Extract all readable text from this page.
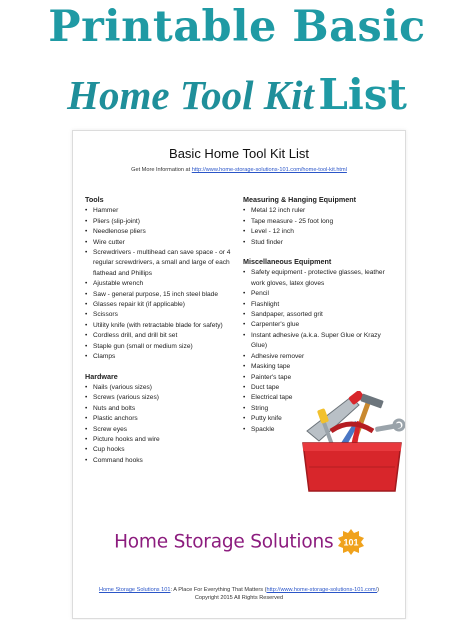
Printable Basic
Home Tool Kit List
Basic Home Tool Kit List
Get More Information at http://www.home-storage-solutions-101.com/home-tool-kit.html
Tools
• Hammer
• Pliers (slip-joint)
• Needlenose pliers
• Wire cutter
• Screwdrivers - multihead can save space - or 4 regular screwdrivers, a small and large of each flathead and Phillips
• Ajustable wrench
• Saw - general purpose, 15 inch steel blade
• Glasses repair kit (if applicable)
• Scissors
• Utility knife (with retractable blade for safety)
• Cordless drill, and drill bit set
• Staple gun (small or medium size)
• Clamps
Hardware
• Nails (various sizes)
• Screws (various sizes)
• Nuts and bolts
• Plastic anchors
• Screw eyes
• Picture hooks and wire
• Cup hooks
• Command hooks
Measuring & Hanging Equipment
• Metal 12 inch ruler
• Tape measure - 25 foot long
• Level - 12 inch
• Stud finder
Miscellaneous Equipment
• Safety equipment - protective glasses, leather work gloves, latex gloves
• Pencil
• Flashlight
• Sandpaper, assorted grit
• Carpenter's glue
• Instant adhesive (a.k.a. Super Glue or Krazy Glue)
• Adhesive remover
• Masking tape
• Painter's tape
• Duct tape
• Electrical tape
• String
• Putty knife
• Spackle
Home Storage Solutions 101
Home Storage Solutions 101: A Place For Everything That Matters (http://www.home-storage-solutions-101.com/)
Copyright 2015 All Rights Reserved
